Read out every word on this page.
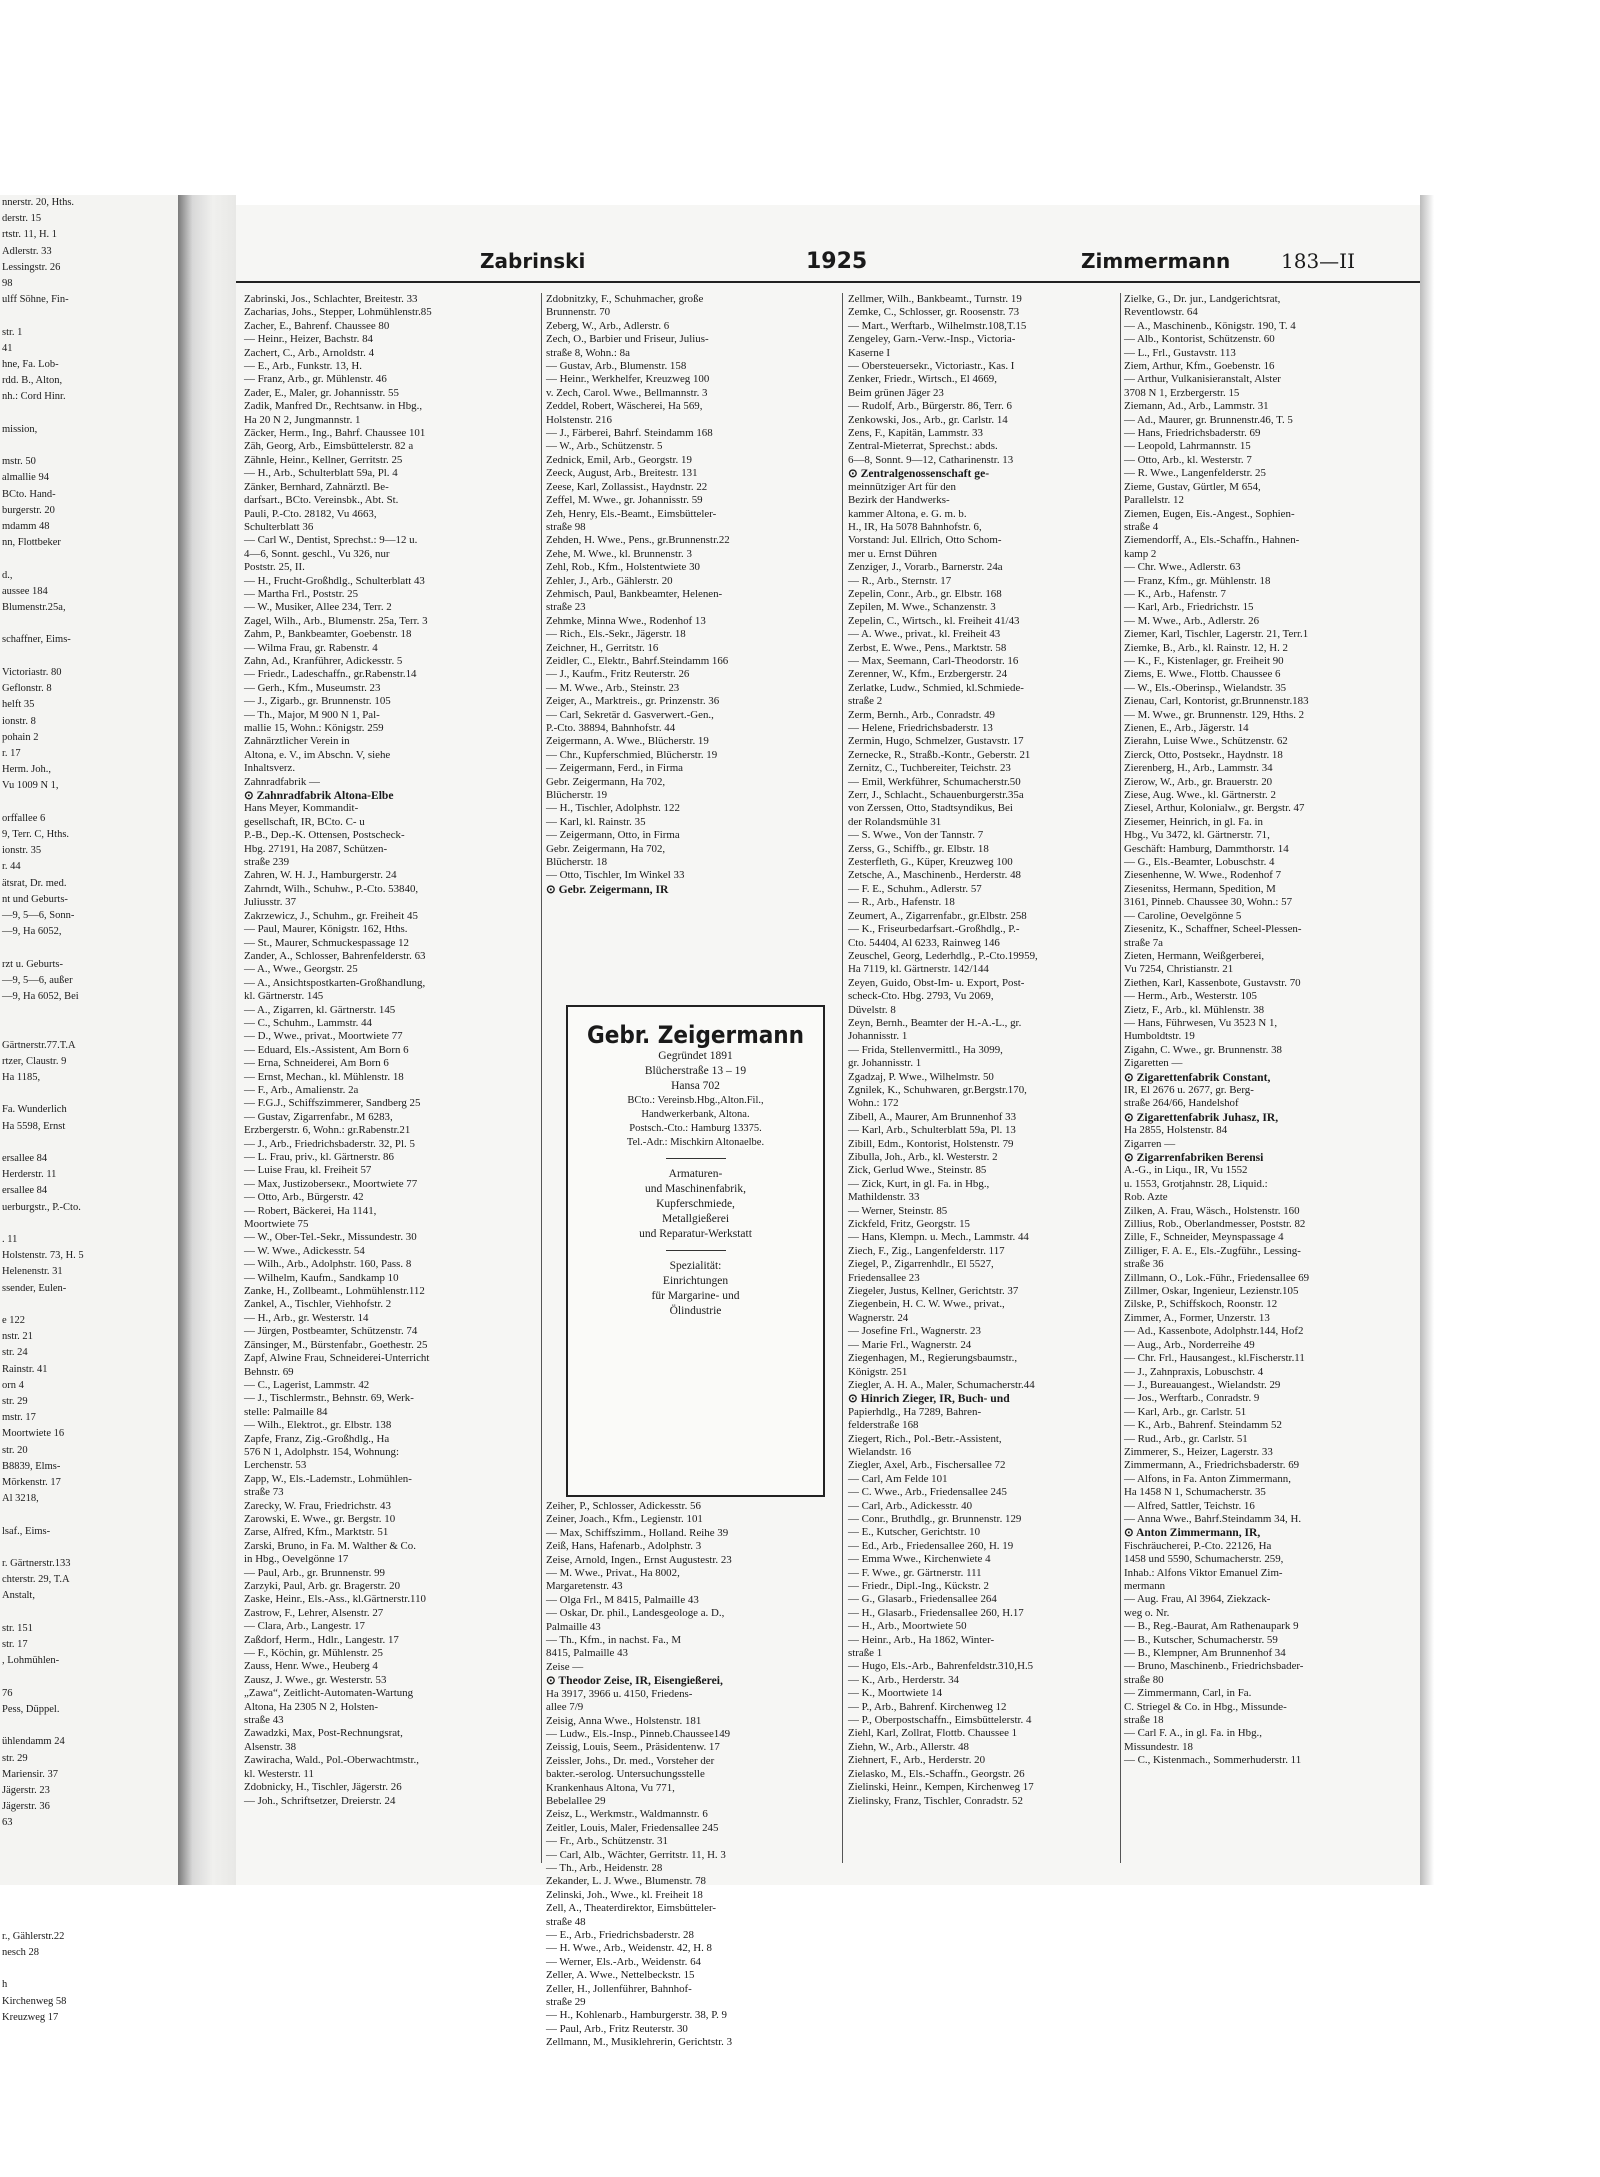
nnerstr. 20, Hths.
derstr. 15
rtstr. 11, H. 1
Adlerstr. 33
Lessingstr. 26
98
ulff Söhne, Fin-

str. 1
41
hne, Fa. Lob-
rdd. B., Alton,
nh.: Cord Hinr.

mission,

mstr. 50
almallie 94
BCto. Hand-
burgerstr. 20
mdamm 48
nn, Flottbeker

d.,
aussee 184
Blumenstr.25a,

schaffner, Eims-

Victoriastr. 80
Geflonstr. 8
helft 35
ionstr. 8
pohain 2
r. 17
Herm. Joh.,
Vu 1009 N 1,

orffallee 6
9, Terr. C, Hths.
ionstr. 35
r. 44
ätsrat, Dr. med.
nt und Geburts-
—9, 5—6, Sonn-
—9, Ha 6052,

rzt u. Geburts-
—9, 5—6, außer
—9, Ha 6052, Bei

Gärtnerstr.77.T.A
rtzer, Claustr. 9
Ha 1185,

Fa. Wunderlich
Ha 5598, Ernst

ersallee 84
Herderstr. 11
ersallee 84
uerburgstr., P.-Cto.

. 11
Holstenstr. 73, H. 5
Helenenstr. 31
ssender, Eulen-

e 122
nstr. 21
str. 24
Rainstr. 41
orn 4
str. 29
mstr. 17
Moortwiete 16
str. 20
B8839, Elms-
Mörkenstr. 17
Al 3218,

lsaf., Eims-

r. Gärtnerstr.133
chterstr. 29, T.A
Anstalt,

str. 151
str. 17
, Lohmühlen-

76
Pess, Düppel.

ühlendamm 24
str. 29
Mariensir. 37
Jägerstr. 23
Jägerstr. 36
63

r., Gählerstr.22
nesch 28

h
Kirchenweg 58
Kreuzweg 17
Zabrinski	1925	Zimmermann	183—II
Zabrinski, Jos., Schlachter, Breitestr. 33
Zacharias, Johs., Stepper, Lohmühlenstr.85
Zacher, E., Bahrenf. Chaussee 80
— Heinr., Heizer, Bachstr. 84
Zachert, C., Arb., Arnoldstr. 4
— E., Arb., Funkstr. 13, H.
— Franz, Arb., gr. Mühlenstr. 46
Zader, E., Maler, gr. Johannisstr. 55
Zadik, Manfred Dr., Rechtsanw. in Hbg.,
Ha 20 N 2, Jungmannstr. 1
Zäcker, Herm., Ing., Bahrf. Chaussee 101
Zäh, Georg, Arb., Eimsbüttelerstr. 82 a
Zähnle, Heinr., Kellner, Gerritstr. 25
— H., Arb., Schulterblatt 59a, Pl. 4
Zänker, Bernhard, Zahnärztl. Be-
darfsart., BCto. Vereinsbk., Abt. St.
Pauli, P.-Cto. 28182, Vu 4663,
Schulterblatt 36
— Carl W., Dentist, Sprechst.: 9—12 u.
4—6, Sonnt. geschl., Vu 326, nur
Poststr. 25, II.
— H., Frucht-Großhdlg., Schulterblatt 43
— Martha Frl., Poststr. 25
— W., Musiker, Allee 234, Terr. 2
Zagel, Wilh., Arb., Blumenstr. 25a, Terr. 3
Zahm, P., Bankbeamter, Goebenstr. 18
— Wilma Frau, gr. Rabenstr. 4
Zahn, Ad., Kranführer, Adickesstr. 5
— Friedr., Ladeschaffn., gr.Rabenstr.14
— Gerh., Kfm., Museumstr. 23
— J., Zigarb., gr. Brunnenstr. 105
— Th., Major, M 900 N 1, Pal-
mallie 15, Wohn.: Königstr. 259
Zahnärztlicher Verein in
Altona, e. V., im Abschn. V, siehe
Inhaltsverz.
Zahnradfabrik —
⊙ Zahnradfabrik Altona-Elbe
Hans Meyer, Kommandit-
gesellschaft, IR, BCto. C- u
P.-B., Dep.-K. Ottensen, Postscheck-
Hbg. 27191, Ha 2087, Schützen-
straße 239
Zahren, W. H. J., Hamburgerstr. 24
Zahrndt, Wilh., Schuhw., P.-Cto. 53840,
Juliusstr. 37
Zakrzewicz, J., Schuhm., gr. Freiheit 45
— Paul, Maurer, Königstr. 162, Hths.
— St., Maurer, Schmuckespassage 12
Zander, A., Schlosser, Bahrenfelderstr. 63
— A., Wwe., Georgstr. 25
— A., Ansichtspostkarten-Großhandlung,
kl. Gärtnerstr. 145
— A., Zigarren, kl. Gärtnerstr. 145
— C., Schuhm., Lammstr. 44
— D., Wwe., privat., Moortwiete 77
— Eduard, Els.-Assistent, Am Born 6
— Erna, Schneiderei, Am Born 6
— Ernst, Mechan., kl. Mühlenstr. 18
— F., Arb., Amalienstr. 2a
— F.G.J., Schiffszimmerer, Sandberg 25
— Gustav, Zigarrenfabr., M 6283,
Erzbergerstr. 6, Wohn.: gr.Rabenstr.21
— J., Arb., Friedrichsbaderstr. 32, Pl. 5
— L. Frau, priv., kl. Gärtnerstr. 86
— Luise Frau, kl. Freiheit 57
— Max, Justizoberseкr., Moortwiete 77
— Otto, Arb., Bürgerstr. 42
— Robert, Bäckerei, Ha 1141,
Moortwiete 75
— W., Ober-Tel.-Sekr., Missundestr. 30
— W. Wwe., Adickesstr. 54
— Wilh., Arb., Adolphstr. 160, Pass. 8
— Wilhelm, Kaufm., Sandkamp 10
Zanke, H., Zollbeamt., Lohmühlenstr.112
Zankel, A., Tischler, Viehhofstr. 2
— H., Arb., gr. Westerstr. 14
— Jürgen, Postbeamter, Schützenstr. 74
Zänsinger, M., Bürstenfabr., Goethestr. 25
Zapf, Alwine Frau, Schneiderei-Unterricht
Behnstr. 69
— C., Lagerist, Lammstr. 42
— J., Tischlermstr., Behnstr. 69, Werk-
stelle: Palmaille 84
— Wilh., Elektrot., gr. Elbstr. 138
Zapfe, Franz, Zig.-Großhdlg., Ha
576 N 1, Adolphstr. 154, Wohnung:
Lerchenstr. 53
Zapp, W., Els.-Lademstr., Lohmühlen-
straße 73
Zarecky, W. Frau, Friedrichstr. 43
Zarowski, E. Wwe., gr. Bergstr. 10
Zarse, Alfred, Kfm., Marktstr. 51
Zarski, Bruno, in Fa. M. Walther & Co.
in Hbg., Oevelgönne 17
— Paul, Arb., gr. Brunnenstr. 99
Zarzyki, Paul, Arb. gr. Bragerstr. 20
Zaske, Heinr., Els.-Ass., kl.Gärtnerstr.110
Zastrow, F., Lehrer, Alsenstr. 27
— Clara, Arb., Langestr. 17
Zaßdorf, Herm., Hdlr., Langestr. 17
— F., Köchin, gr. Mühlenstr. 25
Zauss, Henr. Wwe., Heuberg 4
Zausz, J. Wwe., gr. Westerstr. 53
„Zawa“, Zeitlicht-Automaten-Wartung
Altona, Ha 2305 N 2, Holsten-
straße 43
Zawadzki, Max, Post-Rechnungsrat,
Alsenstr. 38
Zawiracha, Wald., Pol.-Oberwachtmstr.,
kl. Westerstr. 11
Zdobnicky, H., Tischler, Jägerstr. 26
— Joh., Schriftsetzer, Dreierstr. 24
Zdobnitzky, F., Schuhmacher, große
Brunnenstr. 70
Zeberg, W., Arb., Adlerstr. 6
Zech, O., Barbier und Friseur, Julius-
straße 8, Wohn.: 8a
— Gustav, Arb., Blumenstr. 158
— Heinr., Werkhelfer, Kreuzweg 100
v. Zech, Carol. Wwe., Bellmannstr. 3
Zeddel, Robert, Wäscherei, Ha 569,
Holstenstr. 216
— J., Färberei, Bahrf. Steindamm 168
— W., Arb., Schützenstr. 5
Zednick, Emil, Arb., Georgstr. 19
Zeeck, August, Arb., Breitestr. 131
Zeese, Karl, Zollassist., Haydnstr. 22
Zeffel, M. Wwe., gr. Johannisstr. 59
Zeh, Henry, Els.-Beamt., Eimsbütteler-
straße 98
Zehden, H. Wwe., Pens., gr.Brunnenstr.22
Zehe, M. Wwe., kl. Brunnenstr. 3
Zehl, Rob., Kfm., Holstentwiete 30
Zehler, J., Arb., Gählerstr. 20
Zehmisch, Paul, Bankbeamter, Helenen-
straße 23
Zehmke, Minna Wwe., Rodenhof 13
— Rich., Els.-Sekr., Jägerstr. 18
Zeichner, H., Gerritstr. 16
Zeidler, C., Elektr., Bahrf.Steindamm 166
— J., Kaufm., Fritz Reuterstr. 26
— M. Wwe., Arb., Steinstr. 23
Zeiger, A., Marktreis., gr. Prinzenstr. 36
— Carl, Sekretär d. Gasverwert.-Gen.,
P.-Cto. 38894, Bahnhofstr. 44
Zeigermann, A. Wwe., Blücherstr. 19
— Chr., Kupferschmied, Blücherstr. 19
— Zeigermann, Ferd., in Firma
Gebr. Zeigermann, Ha 702,
Blücherstr. 19
— H., Tischler, Adolphstr. 122
— Karl, kl. Rainstr. 35
— Zeigermann, Otto, in Firma
Gebr. Zeigermann, Ha 702,
Blücherstr. 18
— Otto, Tischler, Im Winkel 33
⊙ Gebr. Zeigermann, IR
Zellmer, Wilh., Bankbeamt., Turnstr. 19
Zemke, C., Schlosser, gr. Roosenstr. 73
— Mart., Werftarb., Wilhelmstr.108,T.15
Zengeley, Garn.-Verw.-Insp., Victoria-
Kaserne I
— Obersteuersekr., Victoriastr., Kas. I
Zenker, Friedr., Wirtsch., El 4669,
Beim grünen Jäger 23
— Rudolf, Arb., Bürgerstr. 86, Terr. 6
Zenkowski, Jos., Arb., gr. Carlstr. 14
Zens, F., Kapitän, Lammstr. 33
Zentral-Mieterrat, Sprechst.: abds.
6—8, Sonnt. 9—12, Catharinenstr. 13
⊙ Zentralgenossenschaft ge-
meinnütziger Art für den
Bezirk der Handwerks-
kammer Altona, e. G. m. b.
H., IR, Ha 5078 Bahnhofstr. 6,
Vorstand: Jul. Ellrich, Otto Schom-
mer u. Ernst Dühren
Zenziger, J., Vorarb., Barnerstr. 24a
— R., Arb., Sternstr. 17
Zepelin, Conr., Arb., gr. Elbstr. 168
Zepilen, M. Wwe., Schanzenstr. 3
Zepelin, C., Wirtsch., kl. Freiheit 41/43
— A. Wwe., privat., kl. Freiheit 43
Zerbst, E. Wwe., Pens., Marktstr. 58
— Max, Seemann, Carl-Theodorstr. 16
Zerenner, W., Kfm., Erzbergerstr. 24
Zerlatke, Ludw., Schmied, kl.Schmiede-
straße 2
Zerm, Bernh., Arb., Conradstr. 49
— Helene, Friedrichsbaderstr. 13
Zermin, Hugo, Schmelzer, Gustavstr. 17
Zernecke, R., Straßb.-Kontr., Geberstr. 21
Zernitz, C., Tuchbereiter, Teichstr. 23
— Emil, Werkführer, Schumacherstr.50
Zerr, J., Schlacht., Schauenburgerstr.35a
von Zerssen, Otto, Stadtsyndikus, Bei
der Rolandsmühle 31
— S. Wwe., Von der Tannstr. 7
Zerss, G., Schiffb., gr. Elbstr. 18
Zesterfleth, G., Küper, Kreuzweg 100
Zetsche, A., Maschinenb., Herderstr. 48
— F. E., Schuhm., Adlerstr. 57
— R., Arb., Hafenstr. 18
Zeumert, A., Zigarrenfabr., gr.Elbstr. 258
— K., Friseurbedarfsart.-Großhdlg., P.-
Cto. 54404, Al 6233, Rainweg 146
Zeuschel, Georg, Lederhdlg., P.-Cto.19959,
Ha 7119, kl. Gärtnerstr. 142/144
Zeyen, Guido, Obst-Im- u. Export, Post-
scheck-Cto. Hbg. 2793, Vu 2069,
Düvelstr. 8
Zeyn, Bernh., Beamter der H.-A.-L., gr.
Johannisstr. 1
— Frida, Stellenvermittl., Ha 3099,
gr. Johannisstr. 1
Zgadzaj, P. Wwe., Wilhelmstr. 50
Zgnilek, K., Schuhwaren, gr.Bergstr.170,
Wohn.: 172
Zibell, A., Maurer, Am Brunnenhof 33
— Karl, Arb., Schulterblatt 59a, Pl. 13
Zibill, Edm., Kontorist, Holstenstr. 79
Zibulla, Joh., Arb., kl. Westerstr. 2
Zick, Gerlud Wwe., Steinstr. 85
— Zick, Kurt, in gl. Fa. in Hbg.,
Mathildenstr. 33
— Werner, Steinstr. 85
Zickfeld, Fritz, Georgstr. 15
— Hans, Klempn. u. Mech., Lammstr. 44
Ziech, F., Zig., Langenfelderstr. 117
Ziegel, P., Zigarrenhdlr., El 5527,
Friedensallee 23
Ziegeler, Justus, Kellner, Gerichtstr. 37
Ziegenbein, H. C. W. Wwe., privat.,
Wagnerstr. 24
— Josefine Frl., Wagnerstr. 23
— Marie Frl., Wagnerstr. 24
Ziegenhagen, M., Regierungsbaumstr.,
Königstr. 251
Ziegler, A. H. A., Maler, Schumacherstr.44
⊙ Hinrich Zieger, IR, Buch- und
Papierhdlg., Ha 7289, Bahren-
felderstraße 168
Ziegert, Rich., Pol.-Betr.-Assistent,
Wielandstr. 16
Ziegler, Axel, Arb., Fischersallee 72
— Carl, Am Felde 101
— C. Wwe., Arb., Friedensallee 245
— Carl, Arb., Adickesstr. 40
— Conr., Bruthdlg., gr. Brunnenstr. 129
— E., Kutscher, Gerichtstr. 10
— Ed., Arb., Friedensallee 260, H. 19
— Emma Wwe., Kirchenwiete 4
— F. Wwe., gr. Gärtnerstr. 111
— Friedr., Dipl.-Ing., Kückstr. 2
— G., Glasarb., Friedensallee 264
— H., Glasarb., Friedensallee 260, H.17
— H., Arb., Moortwiete 50
— Heinr., Arb., Ha 1862, Winter-
straße 1
— Hugo, Els.-Arb., Bahrenfeldstr.310,H.5
— K., Arb., Herderstr. 34
— K., Moortwiete 14
— P., Arb., Bahrenf. Kirchenweg 12
— P., Oberpostschaffn., Eimsbüttelerstr. 4
Ziehl, Karl, Zollrat, Flottb. Chaussee 1
Ziehn, W., Arb., Allerstr. 48
Ziehnert, F., Arb., Herderstr. 20
Zielasko, M., Els.-Schaffn., Georgstr. 26
Zielinski, Heinr., Kempen, Kirchenweg 17
Zielinsky, Franz, Tischler, Conradstr. 52
Zielke, G., Dr. jur., Landgerichtsrat,
Reventlowstr. 64
— A., Maschinenb., Königstr. 190, T. 4
— Alb., Kontorist, Schützenstr. 60
— L., Frl., Gustavstr. 113
Ziem, Arthur, Kfm., Goebenstr. 16
— Arthur, Vulkanisieranstalt, Alster
3708 N 1, Erzbergerstr. 15
Ziemann, Ad., Arb., Lammstr. 31
— Ad., Maurer, gr. Brunnenstr.46, T. 5
— Hans, Friedrichsbaderstr. 69
— Leopold, Lahrmannstr. 15
— Otto, Arb., kl. Westerstr. 7
— R. Wwe., Langenfelderstr. 25
Zieme, Gustav, Gürtler, M 654,
Parallelstr. 12
Ziemen, Eugen, Eis.-Angest., Sophien-
straße 4
Ziemendorff, A., Els.-Schaffn., Hahnen-
kamp 2
— Chr. Wwe., Adlerstr. 63
— Franz, Kfm., gr. Mühlenstr. 18
— K., Arb., Hafenstr. 7
— Karl, Arb., Friedrichstr. 15
— M. Wwe., Arb., Adlerstr. 26
Ziemer, Karl, Tischler, Lagerstr. 21, Terr.1
Ziemke, B., Arb., kl. Rainstr. 12, H. 2
— K., F., Kistenlager, gr. Freiheit 90
Ziems, E. Wwe., Flottb. Chaussee 6
— W., Els.-Oberinsp., Wielandstr. 35
Zienau, Carl, Kontorist, gr.Brunnenstr.183
— M. Wwe., gr. Brunnenstr. 129, Hths. 2
Zienen, E., Arb., Jägerstr. 14
Zierahn, Luise Wwe., Schützenstr. 62
Zierck, Otto, Postsekr., Haydnstr. 18
Zierenberg, H., Arb., Lammstr. 34
Zierow, W., Arb., gr. Brauerstr. 20
Ziese, Aug. Wwe., kl. Gärtnerstr. 2
Ziesel, Arthur, Kolonialw., gr. Bergstr. 47
Ziesemer, Heinrich, in gl. Fa. in
Hbg., Vu 3472, kl. Gärtnerstr. 71,
Geschäft: Hamburg, Dammthorstr. 14
— G., Els.-Beamter, Lobuschstr. 4
Ziesenhenne, W. Wwe., Rodenhof 7
Ziesenitss, Hermann, Spedition, M
3161, Pinneb. Chaussee 30, Wohn.: 57
— Caroline, Oevelgönne 5
Ziesenitz, K., Schaffner, Scheel-Plessen-
straße 7a
Zieten, Hermann, Weißgerberei,
Vu 7254, Christianstr. 21
Ziethen, Karl, Kassenbote, Gustavstr. 70
— Herm., Arb., Westerstr. 105
Zietz, F., Arb., kl. Mühlenstr. 38
— Hans, Führwesen, Vu 3523 N 1,
Humboldtstr. 19
Zigahn, C. Wwe., gr. Brunnenstr. 38
Zigaretten —
⊙ Zigarettenfabrik Constant,
IR, El 2676 u. 2677, gr. Berg-
straße 264/66, Handelshof
⊙ Zigarettenfabrik Juhasz, IR,
Ha 2855, Holstenstr. 84
Zigarren —
⊙ Zigarrenfabriken Berensi
A.-G., in Liqu., IR, Vu 1552
u. 1553, Grotjahnstr. 28, Liquid.:
Rob. Azte
Zilken, A. Frau, Wäsch., Holstenstr. 160
Zillius, Rob., Oberlandmesser, Poststr. 82
Zille, F., Schneider, Meynspassage 4
Zilliger, F. A. E., Els.-Zugführ., Lessing-
straße 36
Zillmann, O., Lok.-Führ., Friedensallee 69
Zillmer, Oskar, Ingenieur, Lezienstr.105
Zilske, P., Schiffskoch, Roonstr. 12
Zimmer, A., Former, Unzerstr. 13
— Ad., Kassenbote, Adolphstr.144, Hof2
— Aug., Arb., Norderreihe 49
— Chr. Frl., Hausangest., kl.Fischerstr.11
— J., Zahnpraxis, Lobuschstr. 4
— J., Bureauangest., Wielandstr. 29
— Jos., Werftarb., Conradstr. 9
— Karl, Arb., gr. Carlstr. 51
— K., Arb., Bahrenf. Steindamm 52
— Rud., Arb., gr. Carlstr. 51
Zimmerer, S., Heizer, Lagerstr. 33
Zimmermann, A., Friedrichsbaderstr. 69
— Alfons, in Fa. Anton Zimmermann,
Ha 1458 N 1, Schumacherstr. 35
— Alfred, Sattler, Teichstr. 16
— Anna Wwe., Bahrf.Steindamm 34, H.
⊙ Anton Zimmermann, IR,
Fischräucherei, P.-Cto. 22126, Ha
1458 und 5590, Schumacherstr. 259,
Inhab.: Alfons Viktor Emanuel Zim-
mermann
— Aug. Frau, Al 3964, Ziekzack-
weg o. Nr.
— B., Reg.-Baurat, Am Rathenaupark 9
— B., Kutscher, Schumacherstr. 59
— B., Klempner, Am Brunnenhof 34
— Bruno, Maschinenb., Friedrichsbader-
straße 80
— Zimmermann, Carl, in Fa.
C. Striegel & Co. in Hbg., Missunde-
straße 18
— Carl F. A., in gl. Fa. in Hbg.,
Missundestr. 18
— C., Kistenmach., Sommerhuderstr. 11
Gebr. Zeigermann
Gegründet 1891
Blücherstraße 13 – 19
Hansa 702
BCto.: Vereinsb.Hbg.,Alton.Fil.,
Handwerkerbank, Altona.
Postsch.-Cto.: Hamburg 13375.
Tel.-Adr.: Mischkirn Altonaelbe.
Armaturen-
und Maschinenfabrik,
Kupferschmiede,
Metallgießerei
und Reparatur-Werkstatt
Spezialität:
Einrichtungen
für Margarine- und
Ölindustrie
Zeiher, P., Schlosser, Adickesstr. 56
Zeiner, Joach., Kfm., Legienstr. 101
— Max, Schiffszimm., Holland. Reihe 39
Zeiß, Hans, Hafenarb., Adolphstr. 3
Zeise, Arnold, Ingen., Ernst Augustestr. 23
— M. Wwe., Privat., Ha 8002,
Margaretenstr. 43
— Olga Frl., M 8415, Palmaille 43
— Oskar, Dr. phil., Landesgeologe a. D.,
Palmaille 43
— Th., Kfm., in nachst. Fa., M
8415, Palmaille 43
Zeise —
⊙ Theodor Zeise, IR, Eisengießerei,
Ha 3917, 3966 u. 4150, Friedens-
allee 7/9
Zeisig, Anna Wwe., Holstenstr. 181
— Ludw., Els.-Insp., Pinneb.Chaussee149
Zeissig, Louis, Seem., Präsidentenw. 17
Zeissler, Johs., Dr. med., Vorsteher der
bakter.-serolog. Untersuchungsstelle
Krankenhaus Altona, Vu 771,
Bebelallee 29
Zeisz, L., Werkmstr., Waldmannstr. 6
Zeitler, Louis, Maler, Friedensallee 245
— Fr., Arb., Schützenstr. 31
— Carl, Alb., Wächter, Gerritstr. 11, H. 3
— Th., Arb., Heidenstr. 28
Zekander, L. J. Wwe., Blumenstr. 78
Zelinski, Joh., Wwe., kl. Freiheit 18
Zell, A., Theaterdirektor, Eimsbütteler-
straße 48
— E., Arb., Friedrichsbaderstr. 28
— H. Wwe., Arb., Weidenstr. 42, H. 8
— Werner, Els.-Arb., Weidenstr. 64
Zeller, A. Wwe., Nettelbeckstr. 15
Zeller, H., Jollenführer, Bahnhof-
straße 29
— H., Kohlenarb., Hamburgerstr. 38, P. 9
— Paul, Arb., Fritz Reuterstr. 30
Zellmann, M., Musiklehrerin, Gerichtstr. 3
